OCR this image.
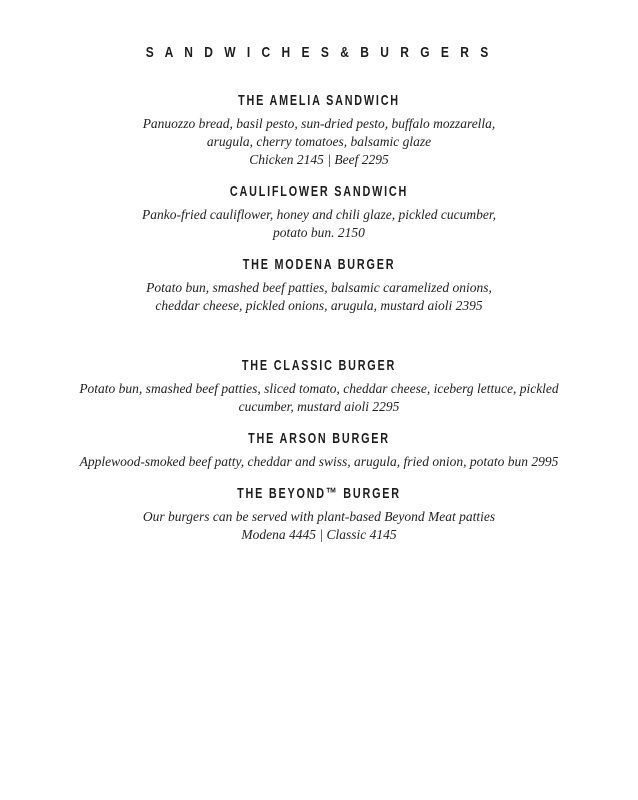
S A N D W I C H E S & B U R G E R S
THE AMELIA SANDWICH

Panuozzo bread, basil pesto, sun-dried pesto, buffalo mozzarella,

arugula, cherry tomatoes, balsamic glaze

Chicken 2145 | Beef 2295

CAULIFLOWER SANDWICH

Panko-fried cauliflower, honey and chili glaze, pickled cucumber,

potato bun. 2150

THE MODENA BURGER

Potato bun, smashed beef patties, balsamic caramelized onions,

cheddar cheese, pickled onions, arugula, mustard aioli 2395

THE CLASSIC BURGER

Potato bun, smashed beef patties, sliced tomato, cheddar cheese, iceberg lettuce, pickled

cucumber, mustard aioli 2295

THE ARSON BURGER

Applewood-smoked beef patty, cheddar and swiss, arugula, fried onion, potato bun 2995

THE BEYOND™ BURGER

Our burgers can be served with plant-based Beyond Meat patties

Modena 4445 | Classic 4145
